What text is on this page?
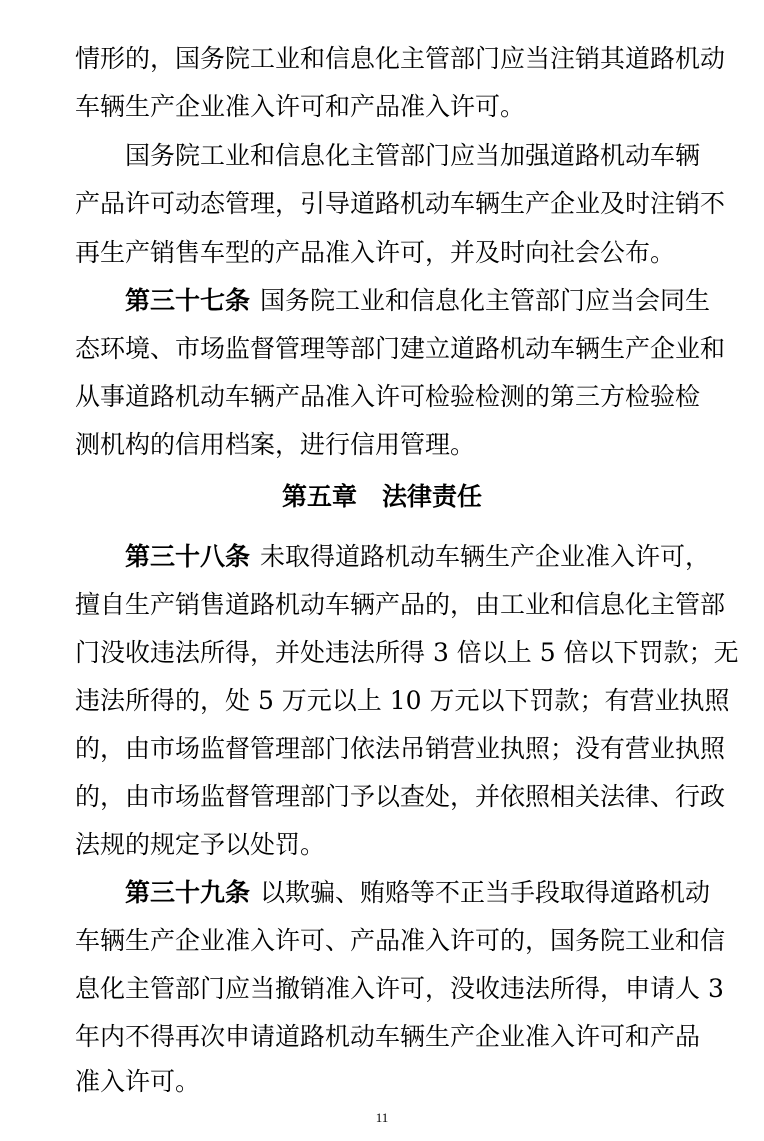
情形的，国务院工业和信息化主管部门应当注销其道路机动
车辆生产企业准入许可和产品准入许可。
国务院工业和信息化主管部门应当加强道路机动车辆
产品许可动态管理，引导道路机动车辆生产企业及时注销不
再生产销售车型的产品准入许可，并及时向社会公布。
第三十七条 国务院工业和信息化主管部门应当会同生
态环境、市场监督管理等部门建立道路机动车辆生产企业和
从事道路机动车辆产品准入许可检验检测的第三方检验检
测机构的信用档案，进行信用管理。
第五章　法律责任
第三十八条 未取得道路机动车辆生产企业准入许可，
擅自生产销售道路机动车辆产品的，由工业和信息化主管部
门没收违法所得，并处违法所得 3 倍以上 5 倍以下罚款；无
违法所得的，处 5 万元以上 10 万元以下罚款；有营业执照
的，由市场监督管理部门依法吊销营业执照；没有营业执照
的，由市场监督管理部门予以查处，并依照相关法律、行政
法规的规定予以处罚。
第三十九条 以欺骗、贿赂等不正当手段取得道路机动
车辆生产企业准入许可、产品准入许可的，国务院工业和信
息化主管部门应当撤销准入许可，没收违法所得，申请人 3
年内不得再次申请道路机动车辆生产企业准入许可和产品
准入许可。
11
